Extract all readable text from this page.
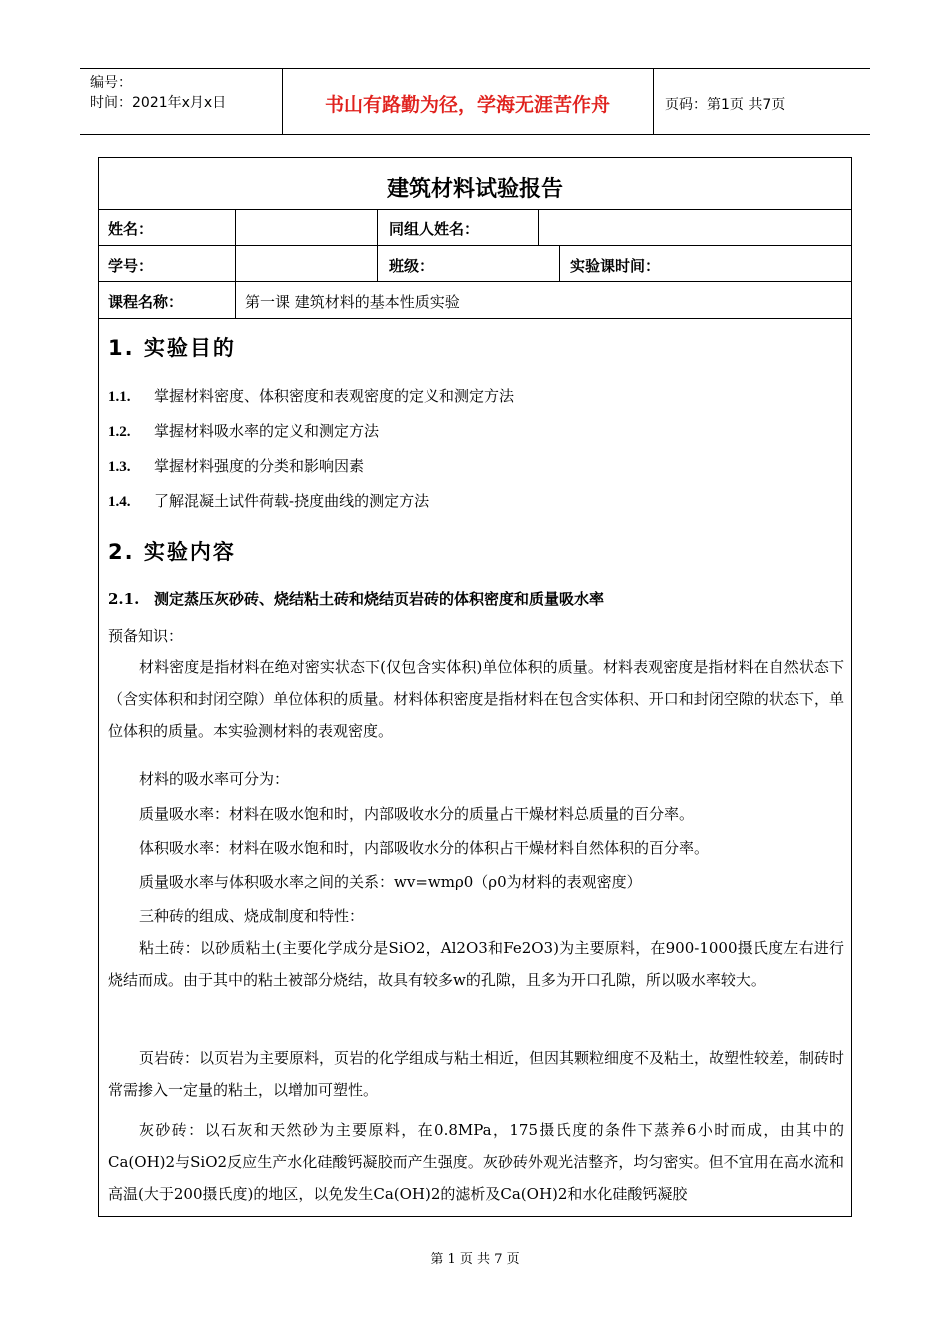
编号：
时间：2021年x月x日	书山有路勤为径，学海无涯苦作舟	页码：第1页 共7页
建筑材料试验报告
姓名：	同组人姓名：
学号：	班级：	实验课时间：
课程名称：	第一课 建筑材料的基本性质实验
1. 实验目的
1.1. 掌握材料密度、体积密度和表观密度的定义和测定方法
1.2. 掌握材料吸水率的定义和测定方法
1.3. 掌握材料强度的分类和影响因素
1.4. 了解混凝土试件荷载-挠度曲线的测定方法
2. 实验内容
2.1. 测定蒸压灰砂砖、烧结粘土砖和烧结页岩砖的体积密度和质量吸水率
预备知识：
材料密度是指材料在绝对密实状态下(仅包含实体积)单位体积的质量。材料表观密度是指材料在自然状态下（含实体积和封闭空隙）单位体积的质量。材料体积密度是指材料在包含实体积、开口和封闭空隙的状态下，单位体积的质量。本实验测材料的表观密度。
材料的吸水率可分为：
质量吸水率：材料在吸水饱和时，内部吸收水分的质量占干燥材料总质量的百分率。
体积吸水率：材料在吸水饱和时，内部吸收水分的体积占干燥材料自然体积的百分率。
质量吸水率与体积吸水率之间的关系：wv=wmρ0（ρ0为材料的表观密度）
三种砖的组成、烧成制度和特性：
粘土砖：以砂质粘土(主要化学成分是SiO2，Al2O3和Fe2O3)为主要原料，在900-1000摄氏度左右进行烧结而成。由于其中的粘土被部分烧结，故具有较多w的孔隙，且多为开口孔隙，所以吸水率较大。
页岩砖：以页岩为主要原料，页岩的化学组成与粘土相近，但因其颗粒细度不及粘土，故塑性较差，制砖时常需掺入一定量的粘土，以增加可塑性。
灰砂砖：以石灰和天然砂为主要原料，在0.8MPa，175摄氏度的条件下蒸养6小时而成，由其中的Ca(OH)2与SiO2反应生产水化硅酸钙凝胶而产生强度。灰砂砖外观光洁整齐，均匀密实。但不宜用在高水流和高温(大于200摄氏度)的地区，以免发生Ca(OH)2的滤析及Ca(OH)2和水化硅酸钙凝胶
第 1 页 共 7 页
